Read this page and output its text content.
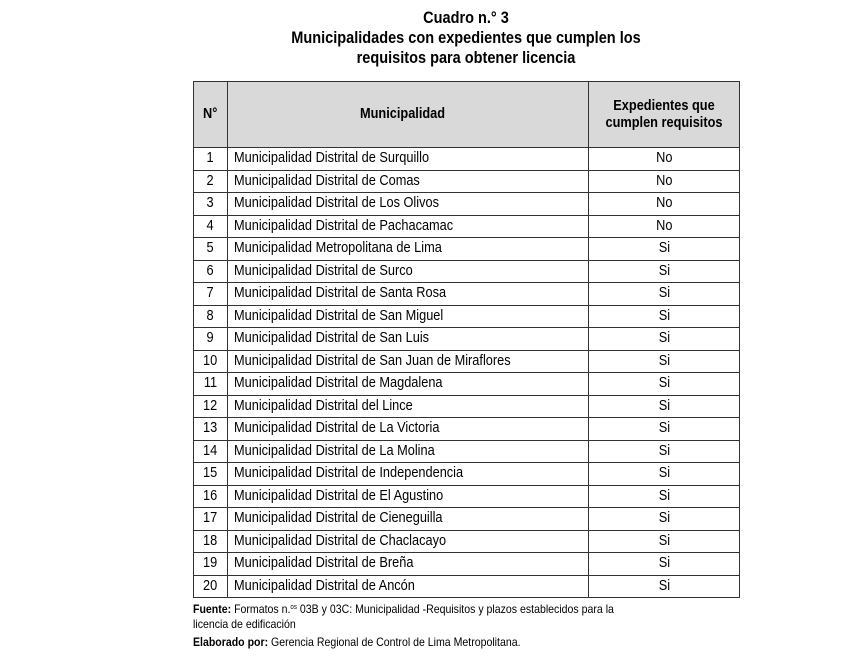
Cuadro n.° 3
Municipalidades con expedientes que cumplen los
requisitos para obtener licencia
N°	Municipalidad	Expedientes que cumplen requisitos
1	Municipalidad Distrital de Surquillo	No
2	Municipalidad Distrital de Comas	No
3	Municipalidad Distrital de Los Olivos	No
4	Municipalidad Distrital de Pachacamac	No
5	Municipalidad Metropolitana de Lima	Si
6	Municipalidad Distrital de Surco	Si
7	Municipalidad Distrital de Santa Rosa	Si
8	Municipalidad Distrital de San Miguel	Si
9	Municipalidad Distrital de San Luis	Si
10	Municipalidad Distrital de San Juan de Miraflores	Si
11	Municipalidad Distrital de Magdalena	Si
12	Municipalidad Distrital del Lince	Si
13	Municipalidad Distrital de La Victoria	Si
14	Municipalidad Distrital de La Molina	Si
15	Municipalidad Distrital de Independencia	Si
16	Municipalidad Distrital de El Agustino	Si
17	Municipalidad Distrital de Cieneguilla	Si
18	Municipalidad Distrital de Chaclacayo	Si
19	Municipalidad Distrital de Breña	Si
20	Municipalidad Distrital de Ancón	Si
Fuente: Formatos n.$^{os}$ 03B y 03C: Municipalidad -Requisitos y plazos establecidos para la
licencia de edificación
Elaborado por: Gerencia Regional de Control de Lima Metropolitana.
